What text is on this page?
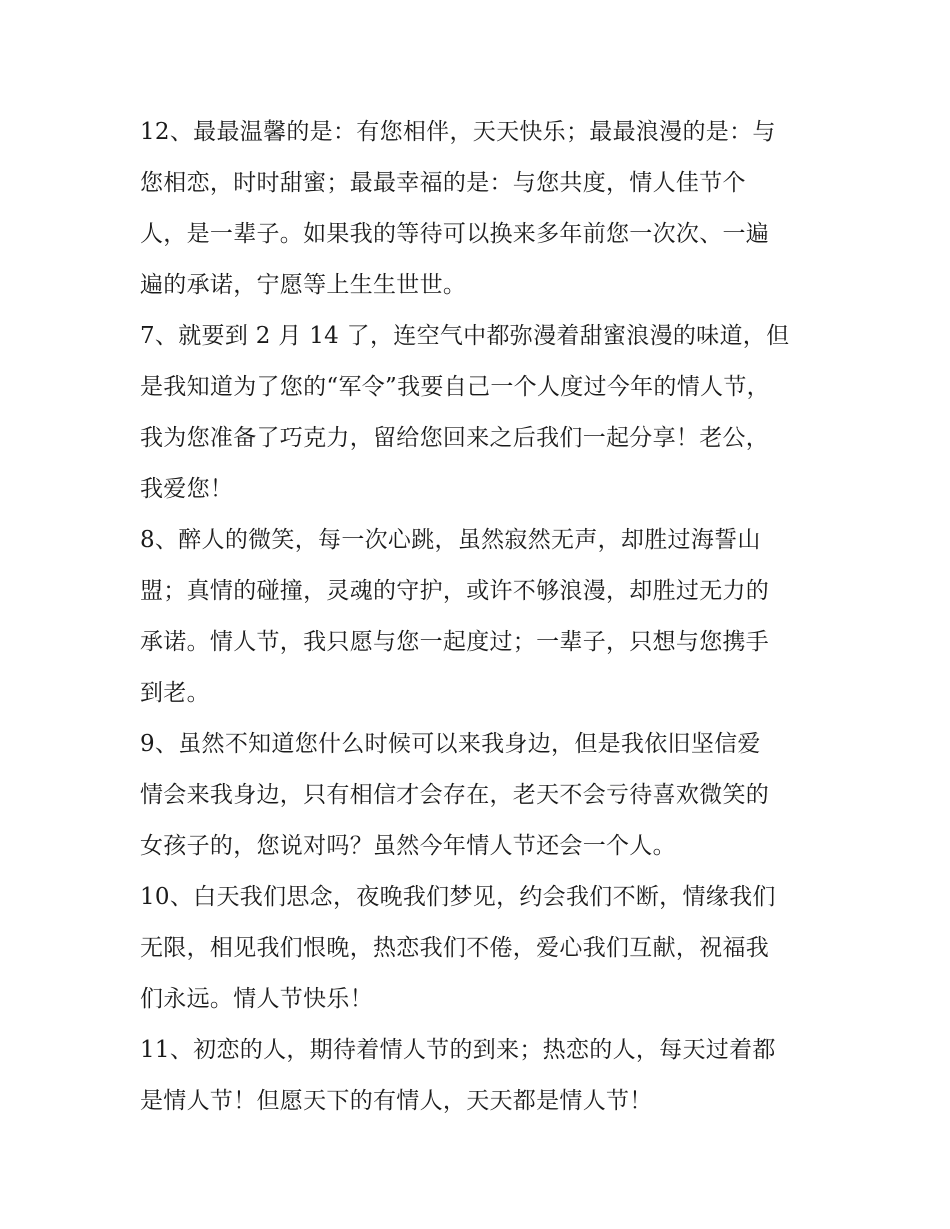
12、最最温馨的是：有您相伴，天天快乐；最最浪漫的是：与
您相恋，时时甜蜜；最最幸福的是：与您共度，情人佳节个
人，是一辈子。如果我的等待可以换来多年前您一次次、一遍
遍的承诺，宁愿等上生生世世。

7、就要到 2 月 14 了，连空气中都弥漫着甜蜜浪漫的味道，但
是我知道为了您的“军令”我要自己一个人度过今年的情人节，
我为您准备了巧克力，留给您回来之后我们一起分享！老公，
我爱您！

8、醉人的微笑，每一次心跳，虽然寂然无声，却胜过海誓山
盟；真情的碰撞，灵魂的守护，或许不够浪漫，却胜过无力的
承诺。情人节，我只愿与您一起度过；一辈子，只想与您携手
到老。

9、虽然不知道您什么时候可以来我身边，但是我依旧坚信爱
情会来我身边，只有相信才会存在，老天不会亏待喜欢微笑的
女孩子的，您说对吗？虽然今年情人节还会一个人。

10、白天我们思念，夜晚我们梦见，约会我们不断，情缘我们
无限，相见我们恨晚，热恋我们不倦，爱心我们互献，祝福我
们永远。情人节快乐！

11、初恋的人，期待着情人节的到来；热恋的人，每天过着都
是情人节！但愿天下的有情人，天天都是情人节！
